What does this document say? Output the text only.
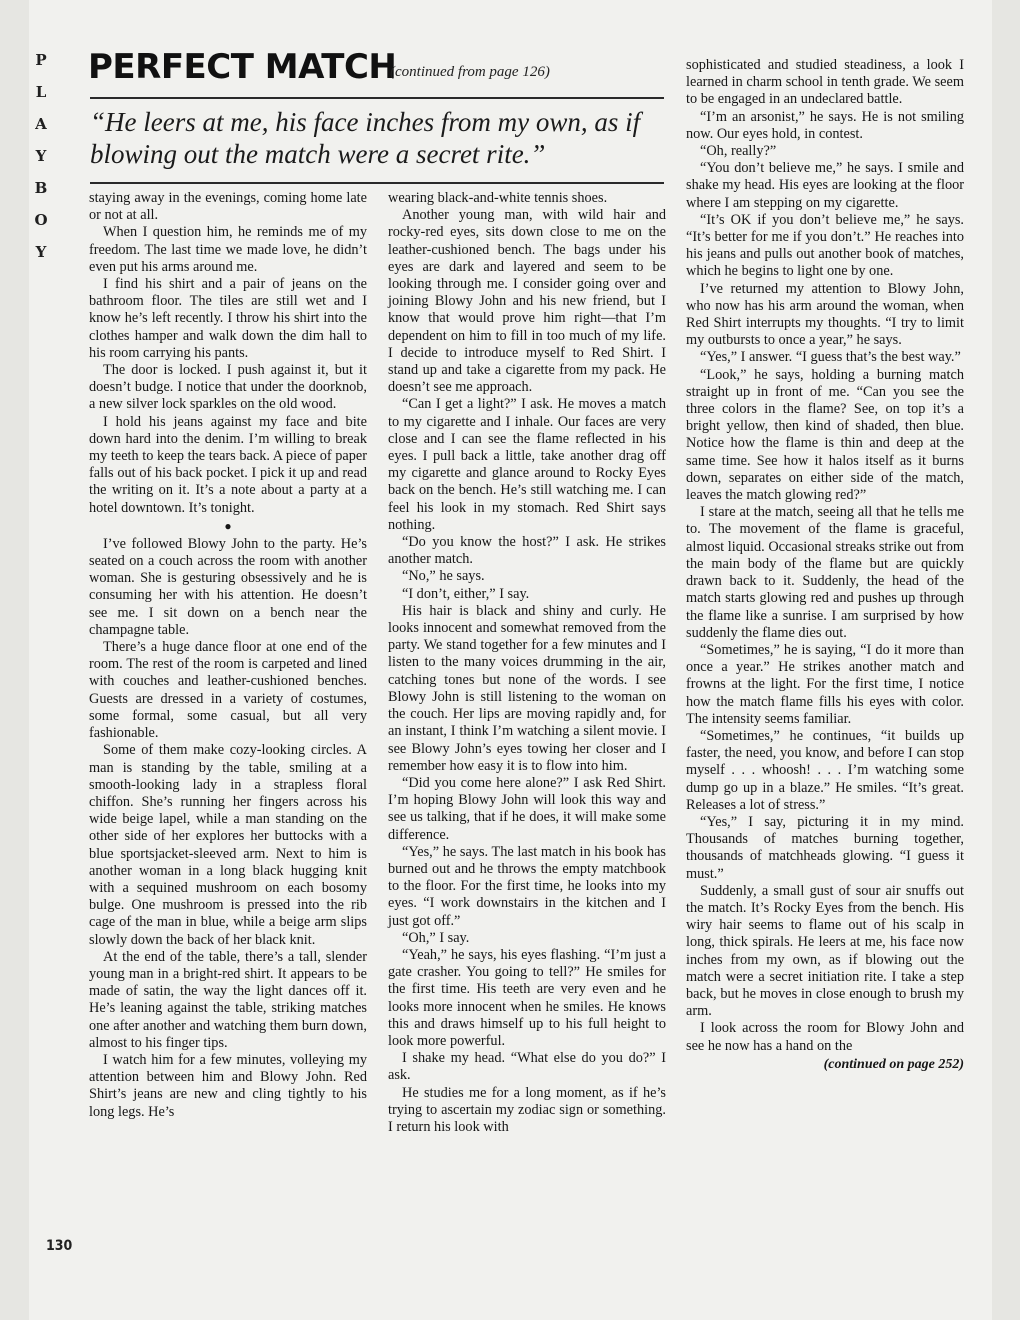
P
L
A
Y
B
O
Y
PERFECT MATCH
(continued from page 126)
“He leers at me, his face inches from my own, as if blowing out the match were a secret rite.”

staying away in the evenings, coming home late or not at all.

When I question him, he reminds me of my freedom. The last time we made love, he didn’t even put his arms around me.

I find his shirt and a pair of jeans on the bathroom floor. The tiles are still wet and I know he’s left recently. I throw his shirt into the clothes hamper and walk down the dim hall to his room carrying his pants.

The door is locked. I push against it, but it doesn’t budge. I notice that under the doorknob, a new silver lock sparkles on the old wood.

I hold his jeans against my face and bite down hard into the denim. I’m willing to break my teeth to keep the tears back. A piece of paper falls out of his back pocket. I pick it up and read the writing on it. It’s a note about a party at a hotel downtown. It’s tonight.

●

I’ve followed Blowy John to the party. He’s seated on a couch across the room with another woman. She is gesturing obsessively and he is consuming her with his attention. He doesn’t see me. I sit down on a bench near the champagne table.

There’s a huge dance floor at one end of the room. The rest of the room is carpeted and lined with couches and leather-cushioned benches. Guests are dressed in a variety of costumes, some formal, some casual, but all very fashionable.

Some of them make cozy-looking circles. A man is standing by the table, smiling at a smooth-looking lady in a strapless floral chiffon. She’s running her fingers across his wide beige lapel, while a man standing on the other side of her explores her buttocks with a blue sportsjacket-sleeved arm. Next to him is another woman in a long black hugging knit with a sequined mushroom on each bosomy bulge. One mushroom is pressed into the rib cage of the man in blue, while a beige arm slips slowly down the back of her black knit.

At the end of the table, there’s a tall, slender young man in a bright-red shirt. It appears to be made of satin, the way the light dances off it. He’s leaning against the table, striking matches one after another and watching them burn down, almost to his finger tips.

I watch him for a few minutes, volleying my attention between him and Blowy John. Red Shirt’s jeans are new and cling tightly to his long legs. He’s

wearing black-and-white tennis shoes.

Another young man, with wild hair and rocky-red eyes, sits down close to me on the leather-cushioned bench. The bags under his eyes are dark and layered and seem to be looking through me. I consider going over and joining Blowy John and his new friend, but I know that would prove him right—that I’m dependent on him to fill in too much of my life. I decide to introduce myself to Red Shirt. I stand up and take a cigarette from my pack. He doesn’t see me approach.

“Can I get a light?” I ask. He moves a match to my cigarette and I inhale. Our faces are very close and I can see the flame reflected in his eyes. I pull back a little, take another drag off my cigarette and glance around to Rocky Eyes back on the bench. He’s still watching me. I can feel his look in my stomach. Red Shirt says nothing.

“Do you know the host?” I ask. He strikes another match.

“No,” he says.

“I don’t, either,” I say.

His hair is black and shiny and curly. He looks innocent and somewhat removed from the party. We stand together for a few minutes and I listen to the many voices drumming in the air, catching tones but none of the words. I see Blowy John is still listening to the woman on the couch. Her lips are moving rapidly and, for an instant, I think I’m watching a silent movie. I see Blowy John’s eyes towing her closer and I remember how easy it is to flow into him.

“Did you come here alone?” I ask Red Shirt. I’m hoping Blowy John will look this way and see us talking, that if he does, it will make some difference.

“Yes,” he says. The last match in his book has burned out and he throws the empty matchbook to the floor. For the first time, he looks into my eyes. “I work downstairs in the kitchen and I just got off.”

“Oh,” I say.

“Yeah,” he says, his eyes flashing. “I’m just a gate crasher. You going to tell?” He smiles for the first time. His teeth are very even and he looks more innocent when he smiles. He knows this and draws himself up to his full height to look more powerful.

I shake my head. “What else do you do?” I ask.

He studies me for a long moment, as if he’s trying to ascertain my zodiac sign or something. I return his look with

sophisticated and studied steadiness, a look I learned in charm school in tenth grade. We seem to be engaged in an undeclared battle.

“I’m an arsonist,” he says. He is not smiling now. Our eyes hold, in contest.

“Oh, really?”

“You don’t believe me,” he says. I smile and shake my head. His eyes are looking at the floor where I am stepping on my cigarette.

“It’s OK if you don’t believe me,” he says. “It’s better for me if you don’t.” He reaches into his jeans and pulls out another book of matches, which he begins to light one by one.

I’ve returned my attention to Blowy John, who now has his arm around the woman, when Red Shirt interrupts my thoughts. “I try to limit my outbursts to once a year,” he says.

“Yes,” I answer. “I guess that’s the best way.”

“Look,” he says, holding a burning match straight up in front of me. “Can you see the three colors in the flame? See, on top it’s a bright yellow, then kind of shaded, then blue. Notice how the flame is thin and deep at the same time. See how it halos itself as it burns down, separates on either side of the match, leaves the match glowing red?”

I stare at the match, seeing all that he tells me to. The movement of the flame is graceful, almost liquid. Occasional streaks strike out from the main body of the flame but are quickly drawn back to it. Suddenly, the head of the match starts glowing red and pushes up through the flame like a sunrise. I am surprised by how suddenly the flame dies out.

“Sometimes,” he is saying, “I do it more than once a year.” He strikes another match and frowns at the light. For the first time, I notice how the match flame fills his eyes with color. The intensity seems familiar.

“Sometimes,” he continues, “it builds up faster, the need, you know, and before I can stop myself . . . whoosh! . . . I’m watching some dump go up in a blaze.” He smiles. “It’s great. Releases a lot of stress.”

“Yes,” I say, picturing it in my mind. Thousands of matches burning together, thousands of matchheads glowing. “I guess it must.”

Suddenly, a small gust of sour air snuffs out the match. It’s Rocky Eyes from the bench. His wiry hair seems to flame out of his scalp in long, thick spirals. He leers at me, his face now inches from my own, as if blowing out the match were a secret initiation rite. I take a step back, but he moves in close enough to brush my arm.

I look across the room for Blowy John and see he now has a hand on the

(continued on page 252)
130
